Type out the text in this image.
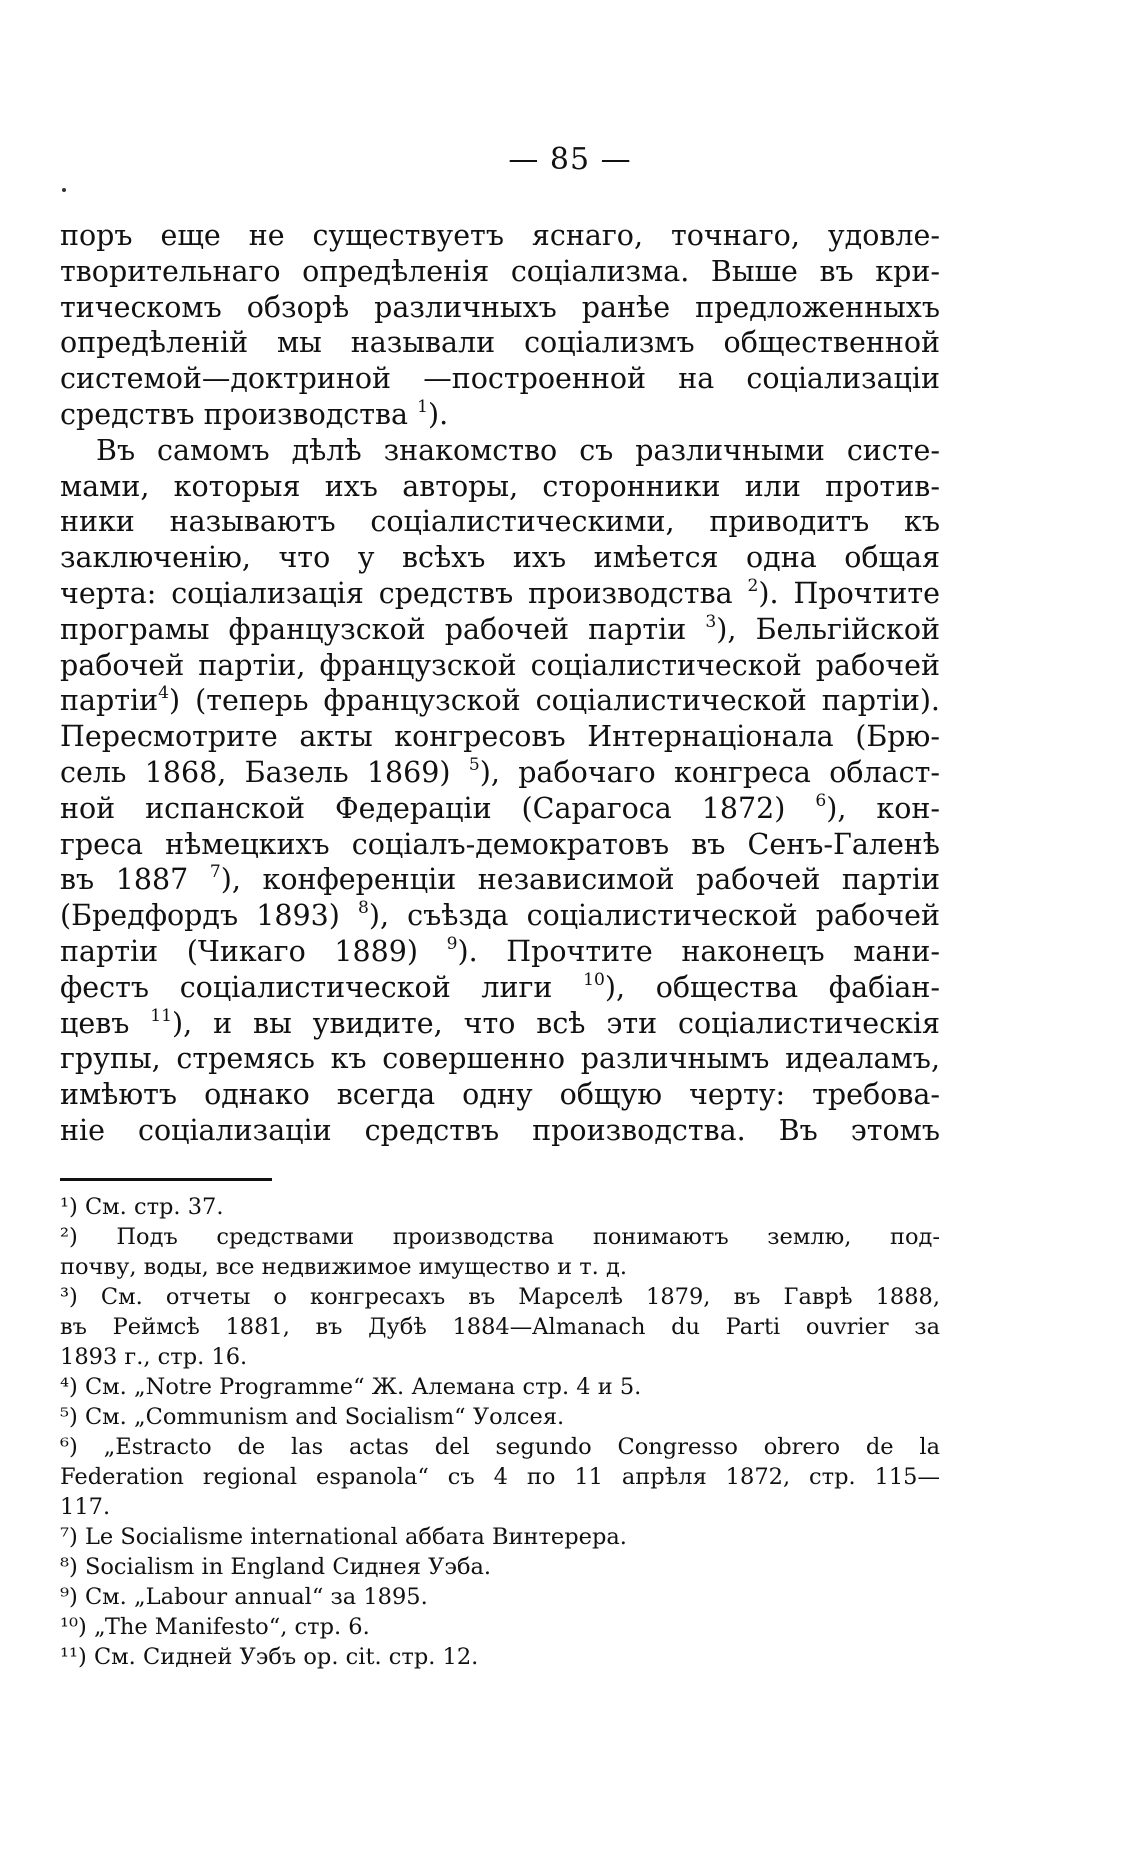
— 85 —
поръ еще не существуетъ яснаго, точнаго, удовле-
творительнаго опредѣленія соціализма. Выше въ кри-
тическомъ обзорѣ различныхъ ранѣе предложенныхъ
опредѣленій мы называли соціализмъ общественной
системой—доктриной —построенной на соціализаціи
средствъ производства $^1$).
Въ самомъ дѣлѣ знакомство съ различными систе-
мами, которыя ихъ авторы, сторонники или против-
ники называютъ соціалистическими, приводитъ къ
заключенію, что у всѣхъ ихъ имѣется одна общая
черта: соціализація средствъ производства $^2$). Прочтите
програмы французской рабочей партіи $^3$), Бельгійской
рабочей партіи, французской соціалистической рабочей
партіи$^4$) (теперь французской соціалистической партіи).
Пересмотрите акты конгресовъ Интернаціонала (Брю-
сель 1868, Базель 1869) $^5$), рабочаго конгреса област-
ной испанской Федераціи (Сарагоса 1872) $^6$), кон-
греса нѣмецкихъ соціалъ-демократовъ въ Сенъ-Галенѣ
въ 1887 $^7$), конференціи независимой рабочей партіи
(Бредфордъ 1893) $^8$), съѣзда соціалистической рабочей
партіи (Чикаго 1889) $^9$). Прочтите наконецъ мани-
фестъ соціалистической лиги $^{10}$), общества фабіан-
цевъ $^{11}$), и вы увидите, что всѣ эти соціалистическія
групы, стремясь къ совершенно различнымъ идеаламъ,
имѣютъ однако всегда одну общую черту: требова-
ніе соціализаціи средствъ производства. Въ этомъ
¹) См. стр. 37.
²) Подъ средствами производства понимаютъ землю, под-
почву, воды, все недвижимое имущество и т. д.
³) См. отчеты о конгресахъ въ Марселѣ 1879, въ Гаврѣ 1888,
въ Реймсѣ 1881, въ Дубѣ 1884—Almanach du Parti ouvrier за
1893 г., стр. 16.
⁴) См. „Notre Programme“ Ж. Алемана стр. 4 и 5.
⁵) См. „Communism and Socialism“ Уолсея.
⁶) „Estracto de las actas del segundo Congresso obrero de la
Federation regional espanola“ съ 4 по 11 апрѣля 1872, стр. 115—
117.
⁷) Le Socialisme international аббата Винтерера.
⁸) Socialism in England Сиднея Уэба.
⁹) См. „Labour annual“ за 1895.
¹⁰) „The Manifesto“, стр. 6.
¹¹) См. Сидней Уэбъ op. cit. стр. 12.
